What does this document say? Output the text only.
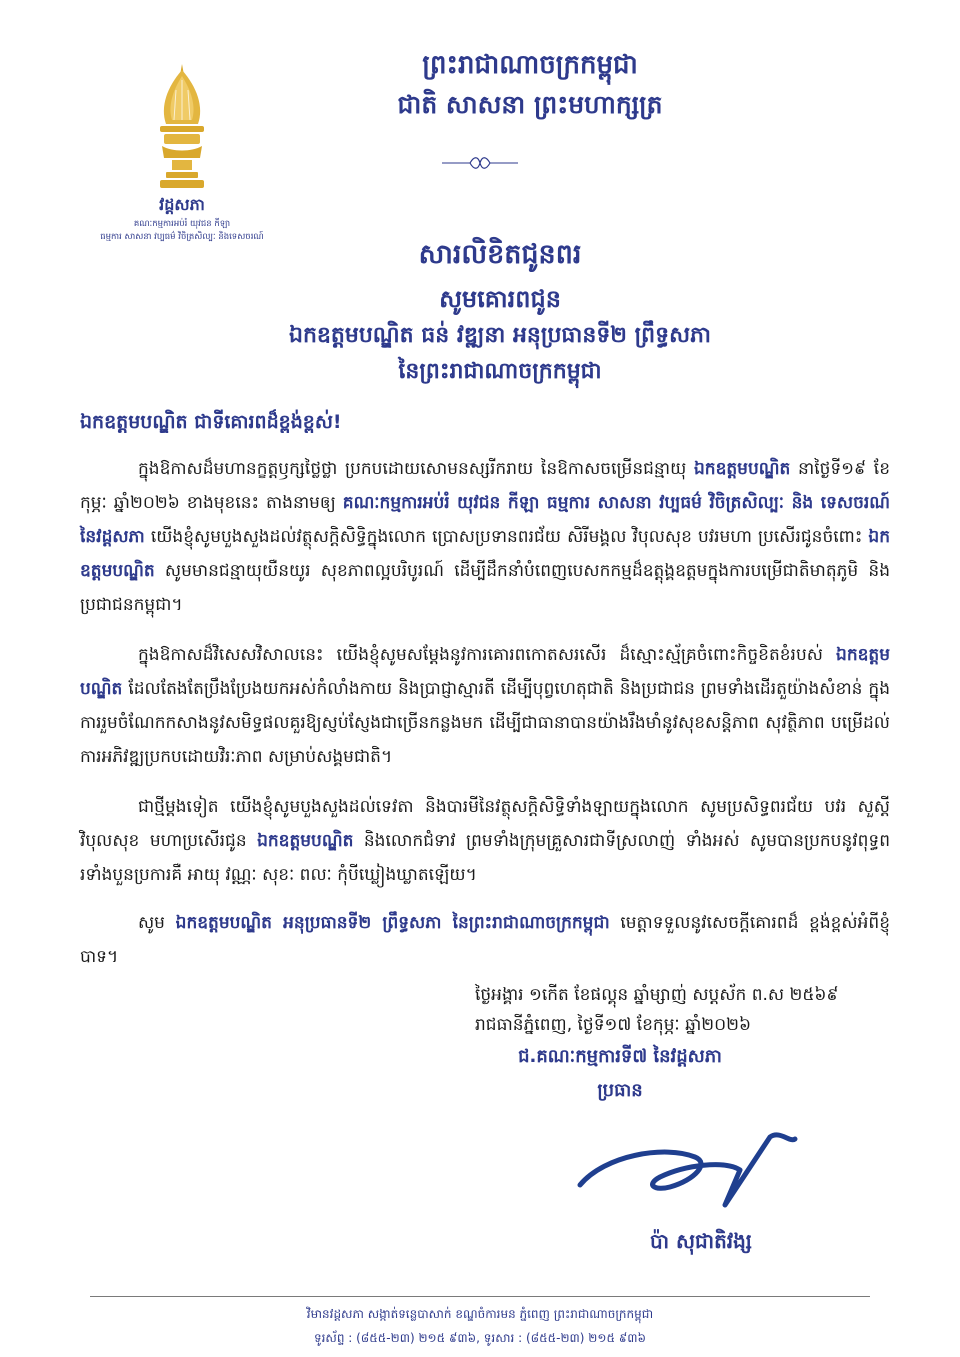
វដ្ដសភា
គណៈកម្មការអប់រំ យុវជន កីឡា
ធម្មការ សាសនា វប្បធម៌ វិចិត្រសិល្បៈ និងទេសចរណ៍
ព្រះរាជាណាចក្រកម្ពុជា
ជាតិ សាសនា ព្រះមហាក្សត្រ
សារលិខិតជូនពរ
សូមគោរពជូន
ឯកឧត្តមបណ្ឌិត ធន់ វឌ្ឍនា អនុប្រធានទី២ ព្រឹទ្ធសភា
នៃព្រះរាជាណាចក្រកម្ពុជា
ឯកឧត្តមបណ្ឌិត ជាទីគោរពដ៏ខ្ពង់ខ្ពស់!
ក្នុងឱកាសដ៏មហានក្ខត្តឫក្សថ្លៃថ្លា ប្រកបដោយសោមនស្សរីករាយ នៃឱកាសចម្រើនជន្មាយុ ឯកឧត្តមបណ្ឌិត នាថ្ងៃទី១៩ ខែកុម្ភៈ ឆ្នាំ២០២៦ ខាងមុខនេះ តាងនាមឲ្យ គណៈកម្មការអប់រំ យុវជន កីឡា ធម្មការ សាសនា វប្បធម៌ វិចិត្រសិល្បៈ និង ទេសចរណ៍ នៃវដ្ដសភា យើងខ្ញុំសូមបួងសួងដល់វត្ថុសក្តិសិទ្ធិក្នុងលោក ប្រោសប្រទានពរជ័យ សិរីមង្គល វិបុលសុខ បវរមហា ប្រសើរជូនចំពោះ ឯកឧត្តមបណ្ឌិត សូមមានជន្មាយុយឺនយូរ សុខភាពល្អបរិបូរណ៍ ដើម្បីដឹកនាំបំពេញបេសកកម្មដ៏ឧត្តុង្គឧត្តមក្នុងការបម្រើជាតិមាតុភូមិ និងប្រជាជនកម្ពុជា។
ក្នុងឱកាសដ៏វិសេសវិសាលនេះ យើងខ្ញុំសូមសម្តែងនូវការគោរពកោតសរសើរ ដ៏ស្មោះស្ម័គ្រចំពោះកិច្ចខិតខំរបស់ ឯកឧត្តមបណ្ឌិត ដែលតែងតែប្រឹងប្រែងយកអស់កំលាំងកាយ និងប្រាជ្ញាស្មារតី ដើម្បីបុព្វហេតុជាតិ និងប្រជាជន ព្រមទាំងដើរតួយ៉ាងសំខាន់ ក្នុងការរួមចំណែកកសាងនូវសមិទ្ធផលគួរឱ្យស្ញប់ស្ញែងជាច្រើនកន្លងមក ដើម្បីជាធានាបានយ៉ាងរឹងមាំនូវសុខសន្តិភាព សុវត្ថិភាព បម្រើដល់ការអភិវឌ្ឍប្រកបដោយវិរៈភាព សម្រាប់សង្គមជាតិ។
ជាថ្មីម្តងទៀត យើងខ្ញុំសូមបួងសួងដល់ទេវតា និងបារមីនៃវត្ថុសក្តិសិទ្ធិទាំងឡាយក្នុងលោក សូមប្រសិទ្ធពរជ័យ បវរ សួស្តី វិបុលសុខ មហាប្រសើរជូន ឯកឧត្តមបណ្ឌិត និងលោកជំទាវ ព្រមទាំងក្រុមគ្រួសារជាទីស្រលាញ់ ទាំងអស់ សូមបានប្រកបនូវពុទ្ធពរទាំងបួនប្រការគឺ អាយុ វណ្ណៈ សុខៈ ពលៈ កុំបីឃ្លៀងឃ្លាតឡើយ។
សូម ឯកឧត្តមបណ្ឌិត អនុប្រធានទី២ ព្រឹទ្ធសភា នៃព្រះរាជាណាចក្រកម្ពុជា មេត្តាទទួលនូវសេចក្តីគោរពដ៏ ខ្ពង់ខ្ពស់អំពីខ្ញុំបាទ។
ថ្ងៃអង្គារ ១កើត ខែផល្គុន ឆ្នាំម្សាញ់ សប្តស័ក ព.ស ២៥៦៩
រាជធានីភ្នំពេញ, ថ្ងៃទី១៧ ខែកុម្ភៈ ឆ្នាំ២០២៦
ជ.គណៈកម្មការទី៧ នៃវដ្ដសភា
ប្រធាន
ប៉ា សុជាតិវង្ស
វិមានវដ្ដសភា សង្កាត់ទន្លេបាសាក់ ខណ្ឌចំការមន ភ្នំពេញ ព្រះរាជាណាចក្រកម្ពុជា
ទូរស័ព្ទ : (៨៥៥-២៣) ២១៥ ៩៣៦, ទូរសារ : (៨៥៥-២៣) ២១៥ ៩៣៦
